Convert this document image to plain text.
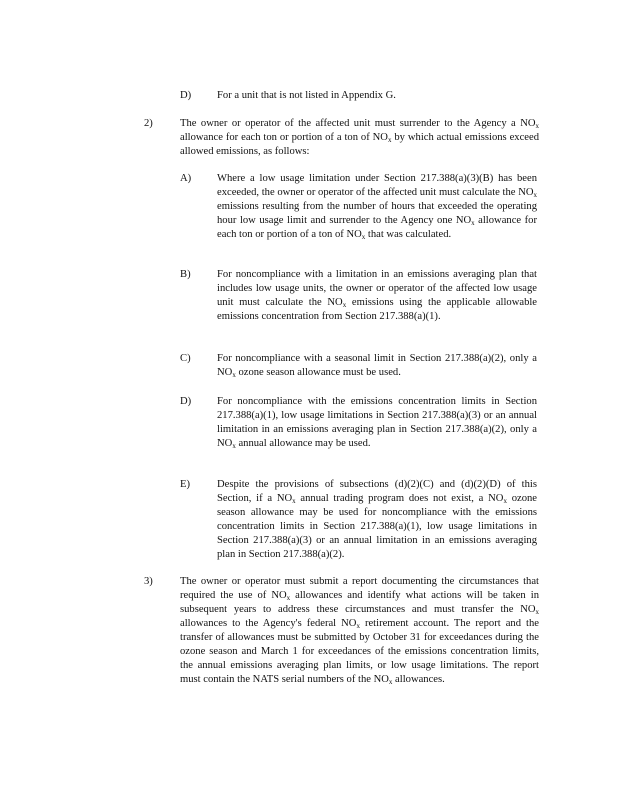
D) For a unit that is not listed in Appendix G.
2)	The owner or operator of the affected unit must surrender to the Agency a $NO_x$ allowance for each ton or portion of a ton of $NO_x$ by which actual emissions exceed allowed emissions, as follows:
A) Where a low usage limitation under Section 217.388(a)(3)(B) has been exceeded, the owner or operator of the affected unit must calculate the $NO_x$ emissions resulting from the number of hours that exceeded the operating hour low usage limit and surrender to the Agency one $NO_x$ allowance for each ton or portion of a ton of $NO_x$ that was calculated.
B) For noncompliance with a limitation in an emissions averaging plan that includes low usage units, the owner or operator of the affected low usage unit must calculate the $NO_x$ emissions using the applicable allowable emissions concentration from Section 217.388(a)(1).
C) For noncompliance with a seasonal limit in Section 217.388(a)(2), only a $NO_x$ ozone season allowance must be used.
D) For noncompliance with the emissions concentration limits in Section 217.388(a)(1), low usage limitations in Section 217.388(a)(3) or an annual limitation in an emissions averaging plan in Section 217.388(a)(2), only a $NO_x$ annual allowance may be used.
E)	Despite the provisions of subsections (d)(2)(C) and (d)(2)(D) of this Section, if a $NO_x$ annual trading program does not exist, a $NO_x$ ozone season allowance may be used for noncompliance with the emissions concentration limits in Section 217.388(a)(1), low usage limitations in Section 217.388(a)(3) or an annual limitation in an emissions averaging plan in Section 217.388(a)(2).
3)	The owner or operator must submit a report documenting the circumstances that required the use of $NO_x$ allowances and identify what actions will be taken in subsequent years to address these circumstances and must transfer the $NO_x$ allowances to the Agency's federal $NO_x$ retirement account. The report and the transfer of allowances must be submitted by October 31 for exceedances during the ozone season and March 1 for exceedances of the emissions concentration limits, the annual emissions averaging plan limits, or low usage limitations. The report must contain the NATS serial numbers of the $NO_x$ allowances.
